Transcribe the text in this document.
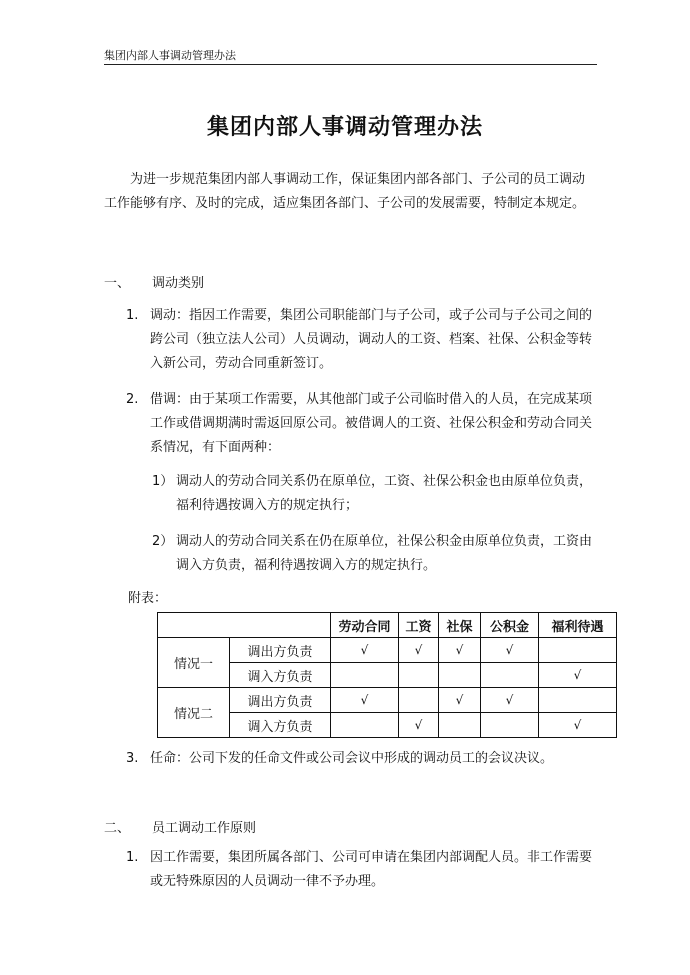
集团内部人事调动管理办法
集团内部人事调动管理办法
为进一步规范集团内部人事调动工作，保证集团内部各部门、子公司的员工调动工作能够有序、及时的完成，适应集团各部门、子公司的发展需要，特制定本规定。
一、 调动类别
1. 调动：指因工作需要，集团公司职能部门与子公司，或子公司与子公司之间的跨公司（独立法人公司）人员调动，调动人的工资、档案、社保、公积金等转入新公司，劳动合同重新签订。
2. 借调：由于某项工作需要，从其他部门或子公司临时借入的人员，在完成某项工作或借调期满时需返回原公司。被借调人的工资、社保公积金和劳动合同关系情况，有下面两种：
1） 调动人的劳动合同关系仍在原单位，工资、社保公积金也由原单位负责，福利待遇按调入方的规定执行；
2） 调动人的劳动合同关系在仍在原单位，社保公积金由原单位负责，工资由调入方负责，福利待遇按调入方的规定执行。
附表：
		劳动合同	工资	社保	公积金	福利待遇
情况一	调出方负责	√	√	√	√	
	调入方负责					√
情况二	调出方负责	√		√	√	
	调入方负责		√			√
3. 任命：公司下发的任命文件或公司会议中形成的调动员工的会议决议。
二、 员工调动工作原则
1. 因工作需要，集团所属各部门、公司可申请在集团内部调配人员。非工作需要或无特殊原因的人员调动一律不予办理。
